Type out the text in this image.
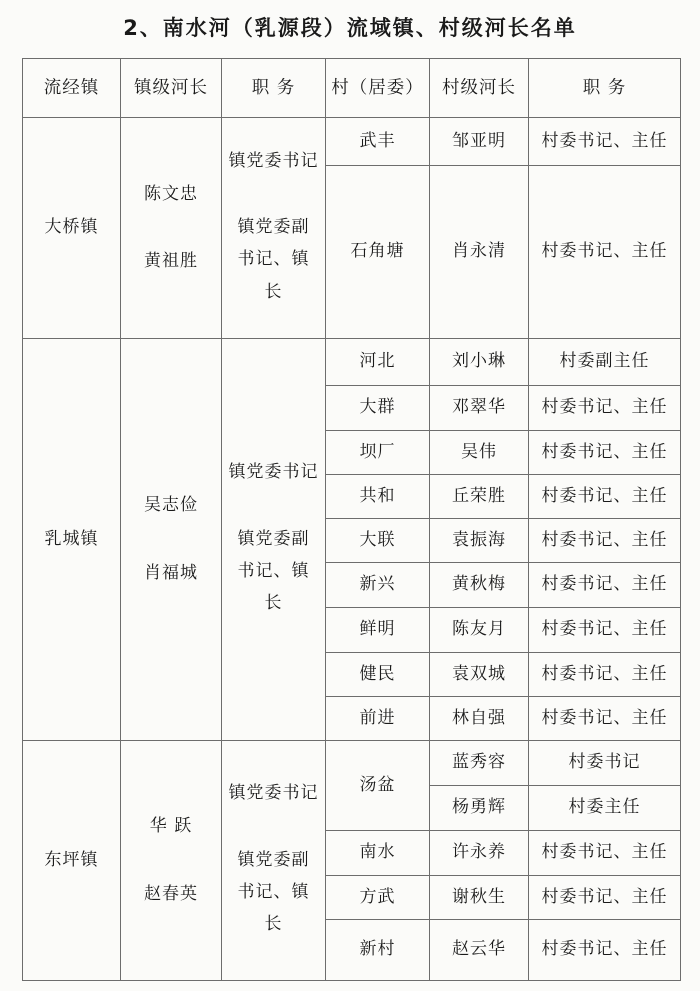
2、南水河（乳源段）流域镇、村级河长名单
流经镇	镇级河长	职 务	村（居委）	村级河长	职 务
大桥镇
陈文忠
黄祖胜
镇党委书记
镇党委副书记、镇长
武丰	邹亚明	村委书记、主任
石角塘	肖永清	村委书记、主任
乳城镇
吴志俭
肖福城
镇党委书记
镇党委副书记、镇长
河北	刘小琳	村委副主任
大群	邓翠华	村委书记、主任
坝厂	吴伟	村委书记、主任
共和	丘荣胜	村委书记、主任
大联	袁振海	村委书记、主任
新兴	黄秋梅	村委书记、主任
鲜明	陈友月	村委书记、主任
健民	袁双城	村委书记、主任
前进	林自强	村委书记、主任
东坪镇
华 跃
赵春英
镇党委书记
镇党委副书记、镇长
汤盆
蓝秀容	村委书记
杨勇辉	村委主任
南水	许永养	村委书记、主任
方武	谢秋生	村委书记、主任
新村	赵云华	村委书记、主任
